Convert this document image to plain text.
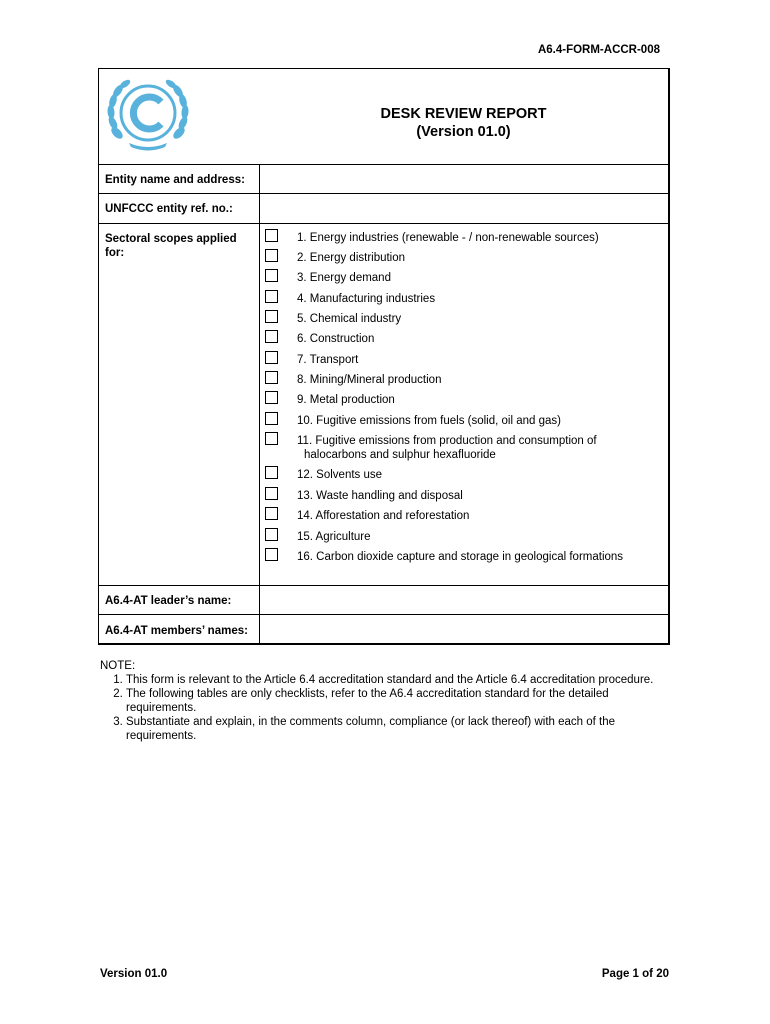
A6.4-FORM-ACCR-008
DESK REVIEW REPORT
(Version 01.0)
Entity name and address:
UNFCCC entity ref. no.:
Sectoral scopes applied
for:
1. Energy industries (renewable - / non-renewable sources)
2. Energy distribution
3. Energy demand
4. Manufacturing industries
5. Chemical industry
6. Construction
7. Transport
8. Mining/Mineral production
9. Metal production
10. Fugitive emissions from fuels (solid, oil and gas)
11. Fugitive emissions from production and consumption of
halocarbons and sulphur hexafluoride
12. Solvents use
13. Waste handling and disposal
14. Afforestation and reforestation
15. Agriculture
16. Carbon dioxide capture and storage in geological formations
A6.4-AT leader’s name:
A6.4-AT members’ names:
NOTE:
1. This form is relevant to the Article 6.4 accreditation standard and the Article 6.4 accreditation procedure.
2. The following tables are only checklists, refer to the A6.4 accreditation standard for the detailed requirements.
3. Substantiate and explain, in the comments column, compliance (or lack thereof) with each of the requirements.
Version 01.0	Page 1 of 20
